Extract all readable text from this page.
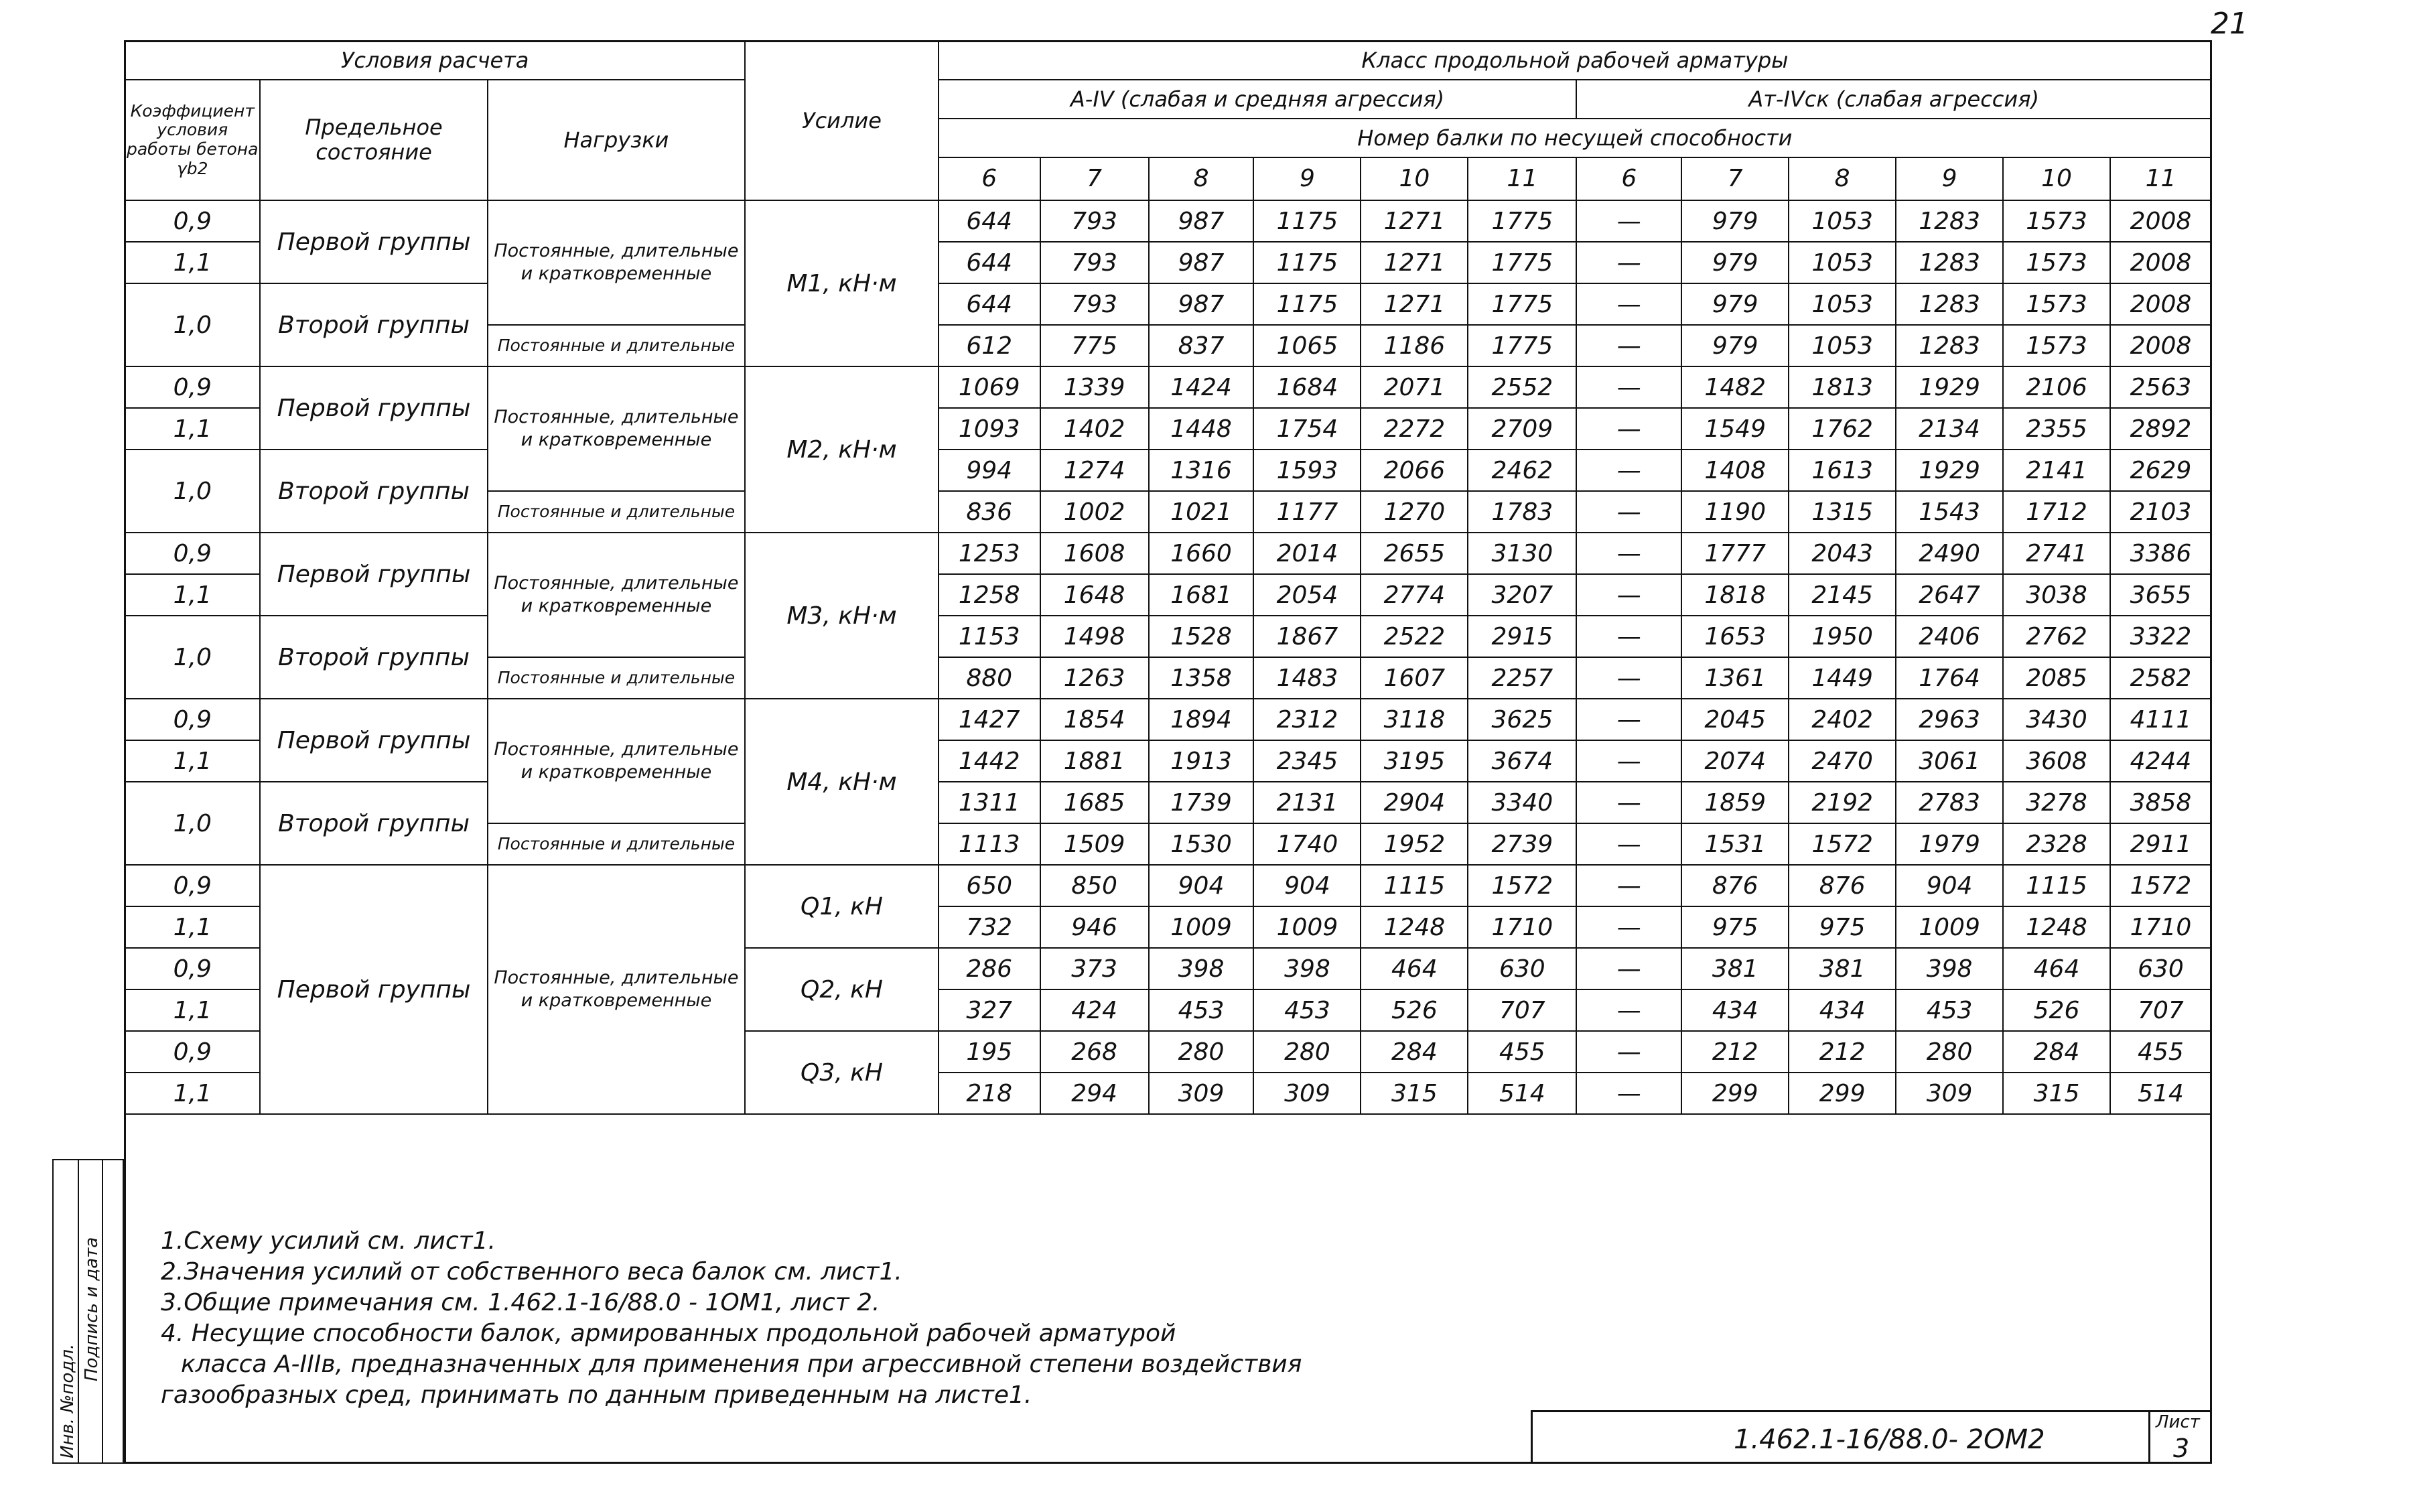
21
Условия расчета			Усилие	Класс продольной рабочей арматуры											
Коэффициент условия работы бетона γb2	Предельное состояние	Нагрузки		А-IV (слабая и средняя агрессия)						Ат-IVск (слабая агрессия)					
				Номер балки по несущей способности											
				6	7	8	9	10	11	6	7	8	9	10	11
0,9	Первой группы	Постоянные, длительные и кратковременные	M1, кН·м	644	793	987	1175	1271	1775	—	979	1053	1283	1573	2008
1,1				644	793	987	1175	1271	1775	—	979	1053	1283	1573	2008
1,0	Второй группы			644	793	987	1175	1271	1775	—	979	1053	1283	1573	2008
		Постоянные и длительные		612	775	837	1065	1186	1775	—	979	1053	1283	1573	2008
0,9	Первой группы	Постоянные, длительные и кратковременные	M2, кН·м	1069	1339	1424	1684	2071	2552	—	1482	1813	1929	2106	2563
1,1				1093	1402	1448	1754	2272	2709	—	1549	1762	2134	2355	2892
1,0	Второй группы			994	1274	1316	1593	2066	2462	—	1408	1613	1929	2141	2629
		Постоянные и длительные		836	1002	1021	1177	1270	1783	—	1190	1315	1543	1712	2103
0,9	Первой группы	Постоянные, длительные и кратковременные	M3, кН·м	1253	1608	1660	2014	2655	3130	—	1777	2043	2490	2741	3386
1,1				1258	1648	1681	2054	2774	3207	—	1818	2145	2647	3038	3655
1,0	Второй группы			1153	1498	1528	1867	2522	2915	—	1653	1950	2406	2762	3322
		Постоянные и длительные		880	1263	1358	1483	1607	2257	—	1361	1449	1764	2085	2582
0,9	Первой группы	Постоянные, длительные и кратковременные	M4, кН·м	1427	1854	1894	2312	3118	3625	—	2045	2402	2963	3430	4111
1,1				1442	1881	1913	2345	3195	3674	—	2074	2470	3061	3608	4244
1,0	Второй группы			1311	1685	1739	2131	2904	3340	—	1859	2192	2783	3278	3858
		Постоянные и длительные		1113	1509	1530	1740	1952	2739	—	1531	1572	1979	2328	2911
0,9	Первой группы	Постоянные, длительные и кратковременные	Q1, кН	650	850	904	904	1115	1572	—	876	876	904	1115	1572
1,1				732	946	1009	1009	1248	1710	—	975	975	1009	1248	1710
0,9			Q2, кН	286	373	398	398	464	630	—	381	381	398	464	630
1,1				327	424	453	453	526	707	—	434	434	453	526	707
0,9			Q3, кН	195	268	280	280	284	455	—	212	212	280	284	455
1,1				218	294	309	309	315	514	—	299	299	309	315	514

1.Схему усилий см. лист1.

2.Значения усилий от собственного веса балок см. лист1.

3.Общие примечания см. 1.462.1-16/88.0 - 1ОМ1, лист 2.

4. Несущие способности балок, армированных продольной рабочей арматурой

класса А-IIIв, предназначенных для применения при агрессивной степени воздействия

газообразных сред, принимать по данным приведенным на листе1.

Инв. №подл.
Подпись и дата
1.462.1-16/88.0- 2ОМ2
Лист
3
